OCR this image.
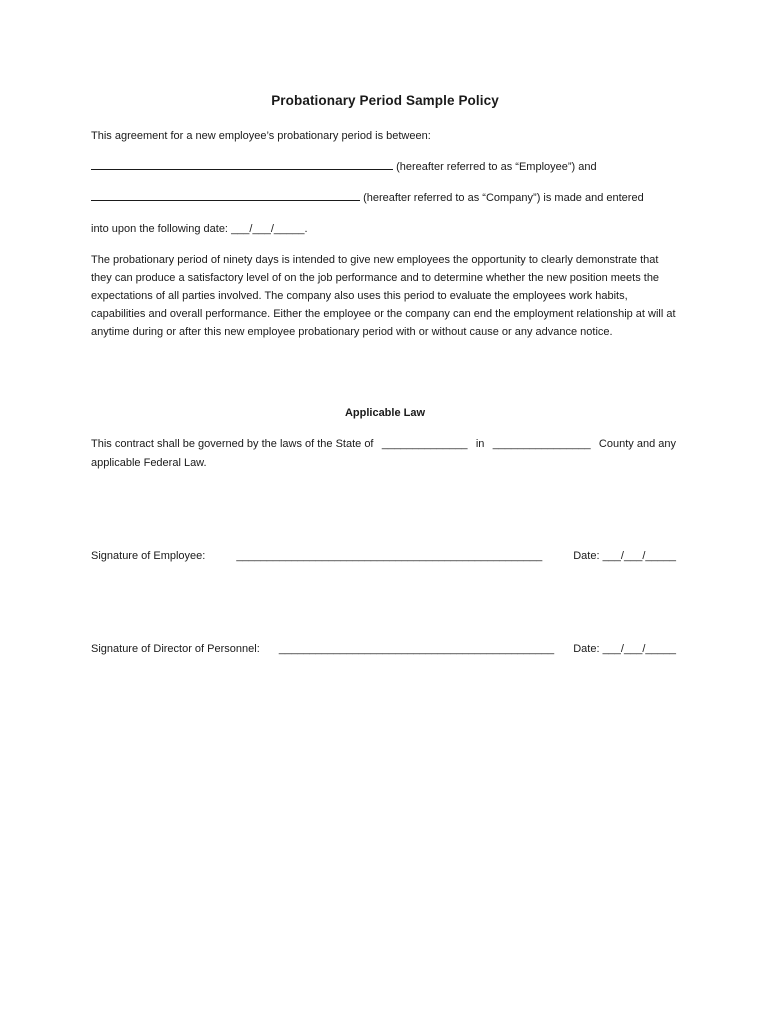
Probationary Period Sample Policy
This agreement for a new employee’s probationary period is between:
(hereafter referred to as “Employee”) and
(hereafter referred to as “Company”) is made and entered
into upon the following date: ___/___/_____.
The probationary period of ninety days is intended to give new employees the opportunity to clearly demonstrate that they can produce a satisfactory level of on the job performance and to determine whether the new position meets the expectations of all parties involved. The company also uses this period to evaluate the employees work habits, capabilities and overall performance. Either the employee or the company can end the employment relationship at will at anytime during or after this new employee probationary period with or without cause or any advance notice.
Applicable Law
This contract shall be governed by the laws of the State of ______________ in ________________ County and any
applicable Federal Law.
Signature of Employee:	__________________________________________________	Date: ___/___/_____
Signature of Director of Personnel: _____________________________________________ Date: ___/___/_____
